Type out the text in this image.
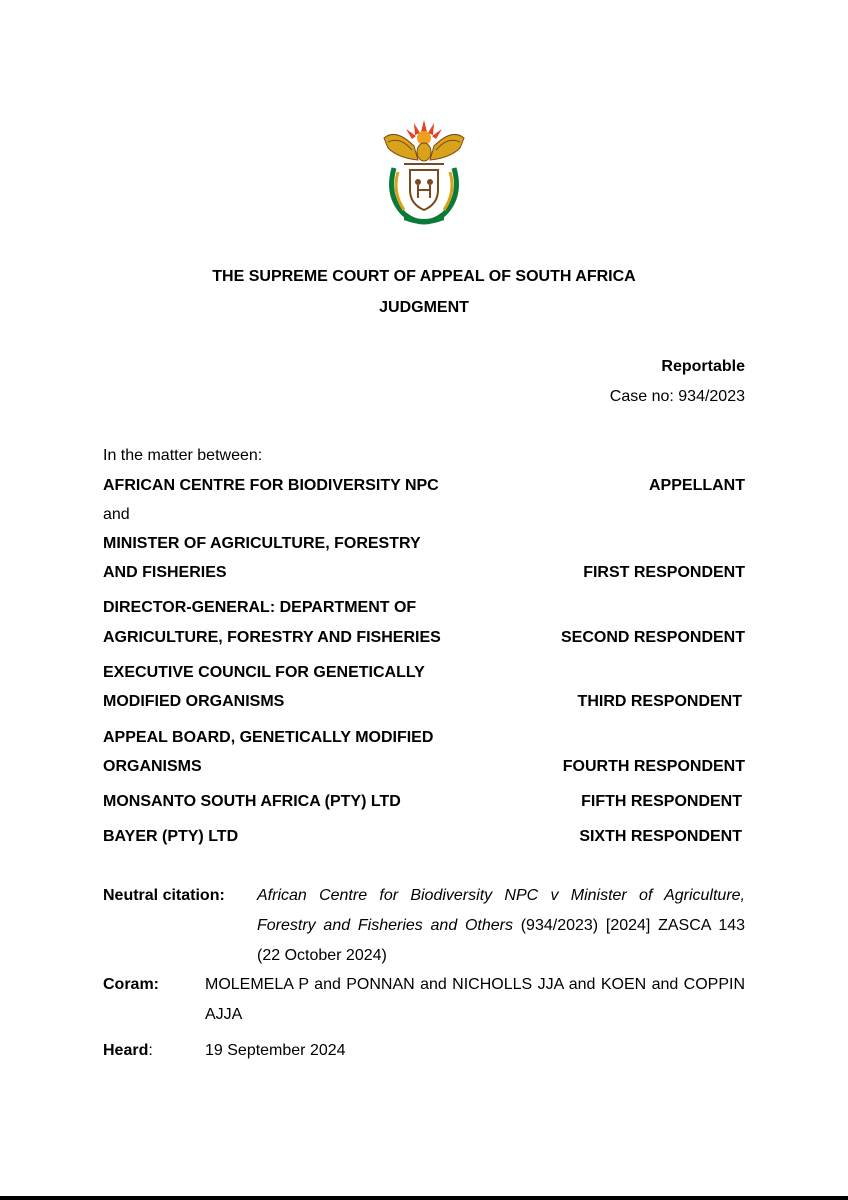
THE SUPREME COURT OF APPEAL OF SOUTH AFRICA
JUDGMENT
Reportable
Case no: 934/2023
In the matter between:
AFRICAN CENTRE FOR BIODIVERSITY NPC	APPELLANT
and
MINISTER OF AGRICULTURE, FORESTRY
AND FISHERIES	FIRST RESPONDENT
DIRECTOR-GENERAL: DEPARTMENT OF
AGRICULTURE, FORESTRY AND FISHERIES	SECOND RESPONDENT
EXECUTIVE COUNCIL FOR GENETICALLY
MODIFIED ORGANISMS	THIRD RESPONDENT
APPEAL BOARD, GENETICALLY MODIFIED
ORGANISMS	FOURTH RESPONDENT
MONSANTO SOUTH AFRICA (PTY) LTD	FIFTH RESPONDENT
BAYER (PTY) LTD	SIXTH RESPONDENT
Neutral citation: African Centre for Biodiversity NPC v Minister of Agriculture, Forestry and Fisheries and Others (934/2023) [2024] ZASCA 143 (22 October 2024)
Coram:	MOLEMELA P and PONNAN and NICHOLLS JJA and KOEN and COPPIN AJJA
Heard:	19 September 2024
